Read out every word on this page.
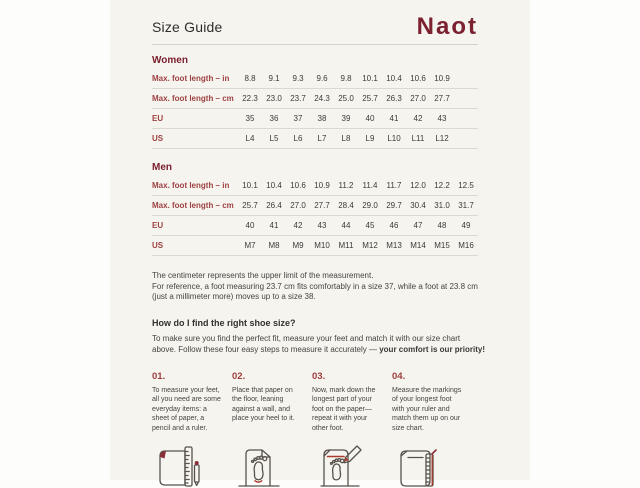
Size Guide	Naot
Women
Max. foot length – in	8.8	9.1	9.3	9.6	9.8	10.1	10.4	10.6	10.9
Max. foot length – cm	22.3	23.0	23.7	24.3	25.0	25.7	26.3	27.0	27.7
EU	35	36	37	38	39	40	41	42	43
US	L4	L5	L6	L7	L8	L9	L10	L11	L12
Men
Max. foot length – in	10.1	10.4	10.6	10.9	11.2	11.4	11.7	12.0	12.2	12.5
Max. foot length – cm	25.7	26.4	27.0	27.7	28.4	29.0	29.7	30.4	31.0	31.7
EU	40	41	42	43	44	45	46	47	48	49
US	M7	M8	M9	M10	M11	M12	M13	M14	M15	M16
The centimeter represents the upper limit of the measurement.
For reference, a foot measuring 23.7 cm fits comfortably in a size 37, while a foot at 23.8 cm
(just a millimeter more) moves up to a size 38.
How do I find the right shoe size?
To make sure you find the perfect fit, measure your feet and match it with our size chart
above. Follow these four easy steps to measure it accurately — your comfort is our priority!
01.
To measure your feet, all you need are some everyday items: a sheet of paper, a pencil and a ruler.
02.
Place that paper on the floor, leaning against a wall, and place your heel to it.
03.
Now, mark down the longest part of your foot on the paper—repeat it with your other foot.
04.
Measure the markings of your longest foot with your ruler and match them up on our size chart.
